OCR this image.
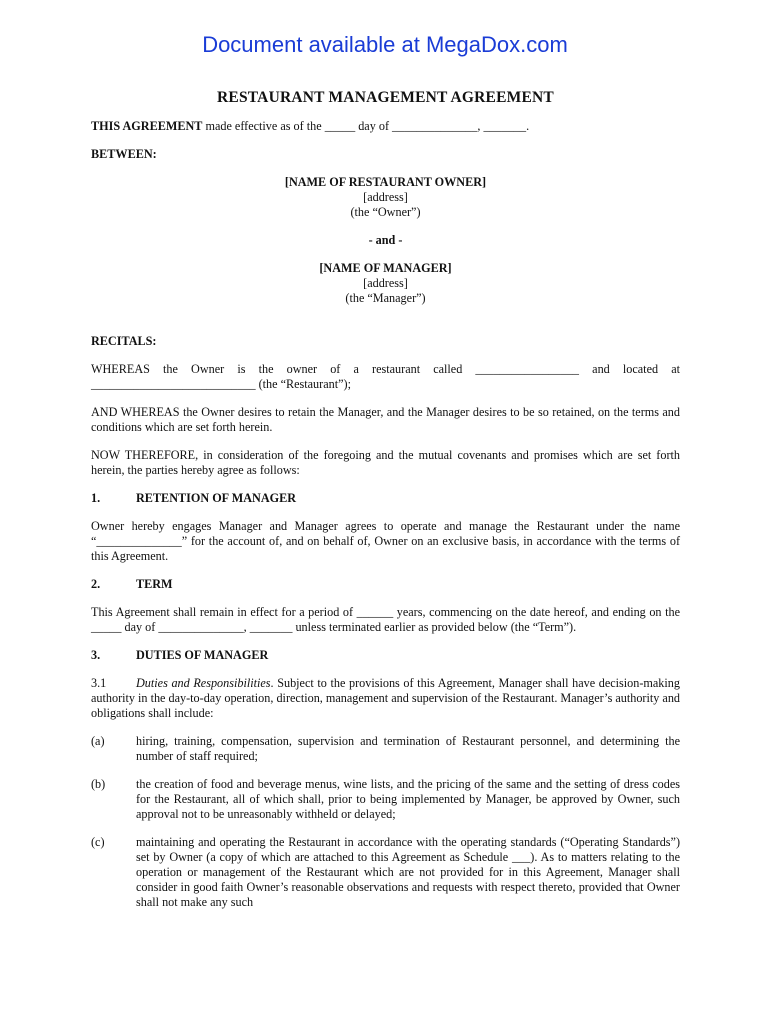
Document available at MegaDox.com

RESTAURANT MANAGEMENT AGREEMENT

THIS AGREEMENT made effective as of the _____ day of ______________, _______.

BETWEEN:

[NAME OF RESTAURANT OWNER]

[address]

(the “Owner”)

- and -

[NAME OF MANAGER]

[address]

(the “Manager”)

RECITALS:

WHEREAS the Owner is the owner of a restaurant called _________________ and located at ___________________________ (the “Restaurant”);

AND WHEREAS the Owner desires to retain the Manager, and the Manager desires to be so retained, on the terms and conditions which are set forth herein.

NOW THEREFORE, in consideration of the foregoing and the mutual covenants and promises which are set forth herein, the parties hereby agree as follows:

1.	RETENTION OF MANAGER

Owner hereby engages Manager and Manager agrees to operate and manage the Restaurant under the name “______________” for the account of, and on behalf of, Owner on an exclusive basis, in accordance with the terms of this Agreement.

2.	TERM

This Agreement shall remain in effect for a period of ______ years, commencing on the date hereof, and ending on the _____ day of ______________, _______ unless terminated earlier as provided below (the “Term”).

3.	DUTIES OF MANAGER

3.1 Duties and Responsibilities. Subject to the provisions of this Agreement, Manager shall have decision-making authority in the day-to-day operation, direction, management and supervision of the Restaurant. Manager’s authority and obligations shall include:

(a)	hiring, training, compensation, supervision and termination of Restaurant personnel, and determining the number of staff required;
(b)	the creation of food and beverage menus, wine lists, and the pricing of the same and the setting of dress codes for the Restaurant, all of which shall, prior to being implemented by Manager, be approved by Owner, such approval not to be unreasonably withheld or delayed;
(c)	maintaining and operating the Restaurant in accordance with the operating standards (“Operating Standards”) set by Owner (a copy of which are attached to this Agreement as Schedule ___). As to matters relating to the operation or management of the Restaurant which are not provided for in this Agreement, Manager shall consider in good faith Owner’s reasonable observations and requests with respect thereto, provided that Owner shall not make any such
